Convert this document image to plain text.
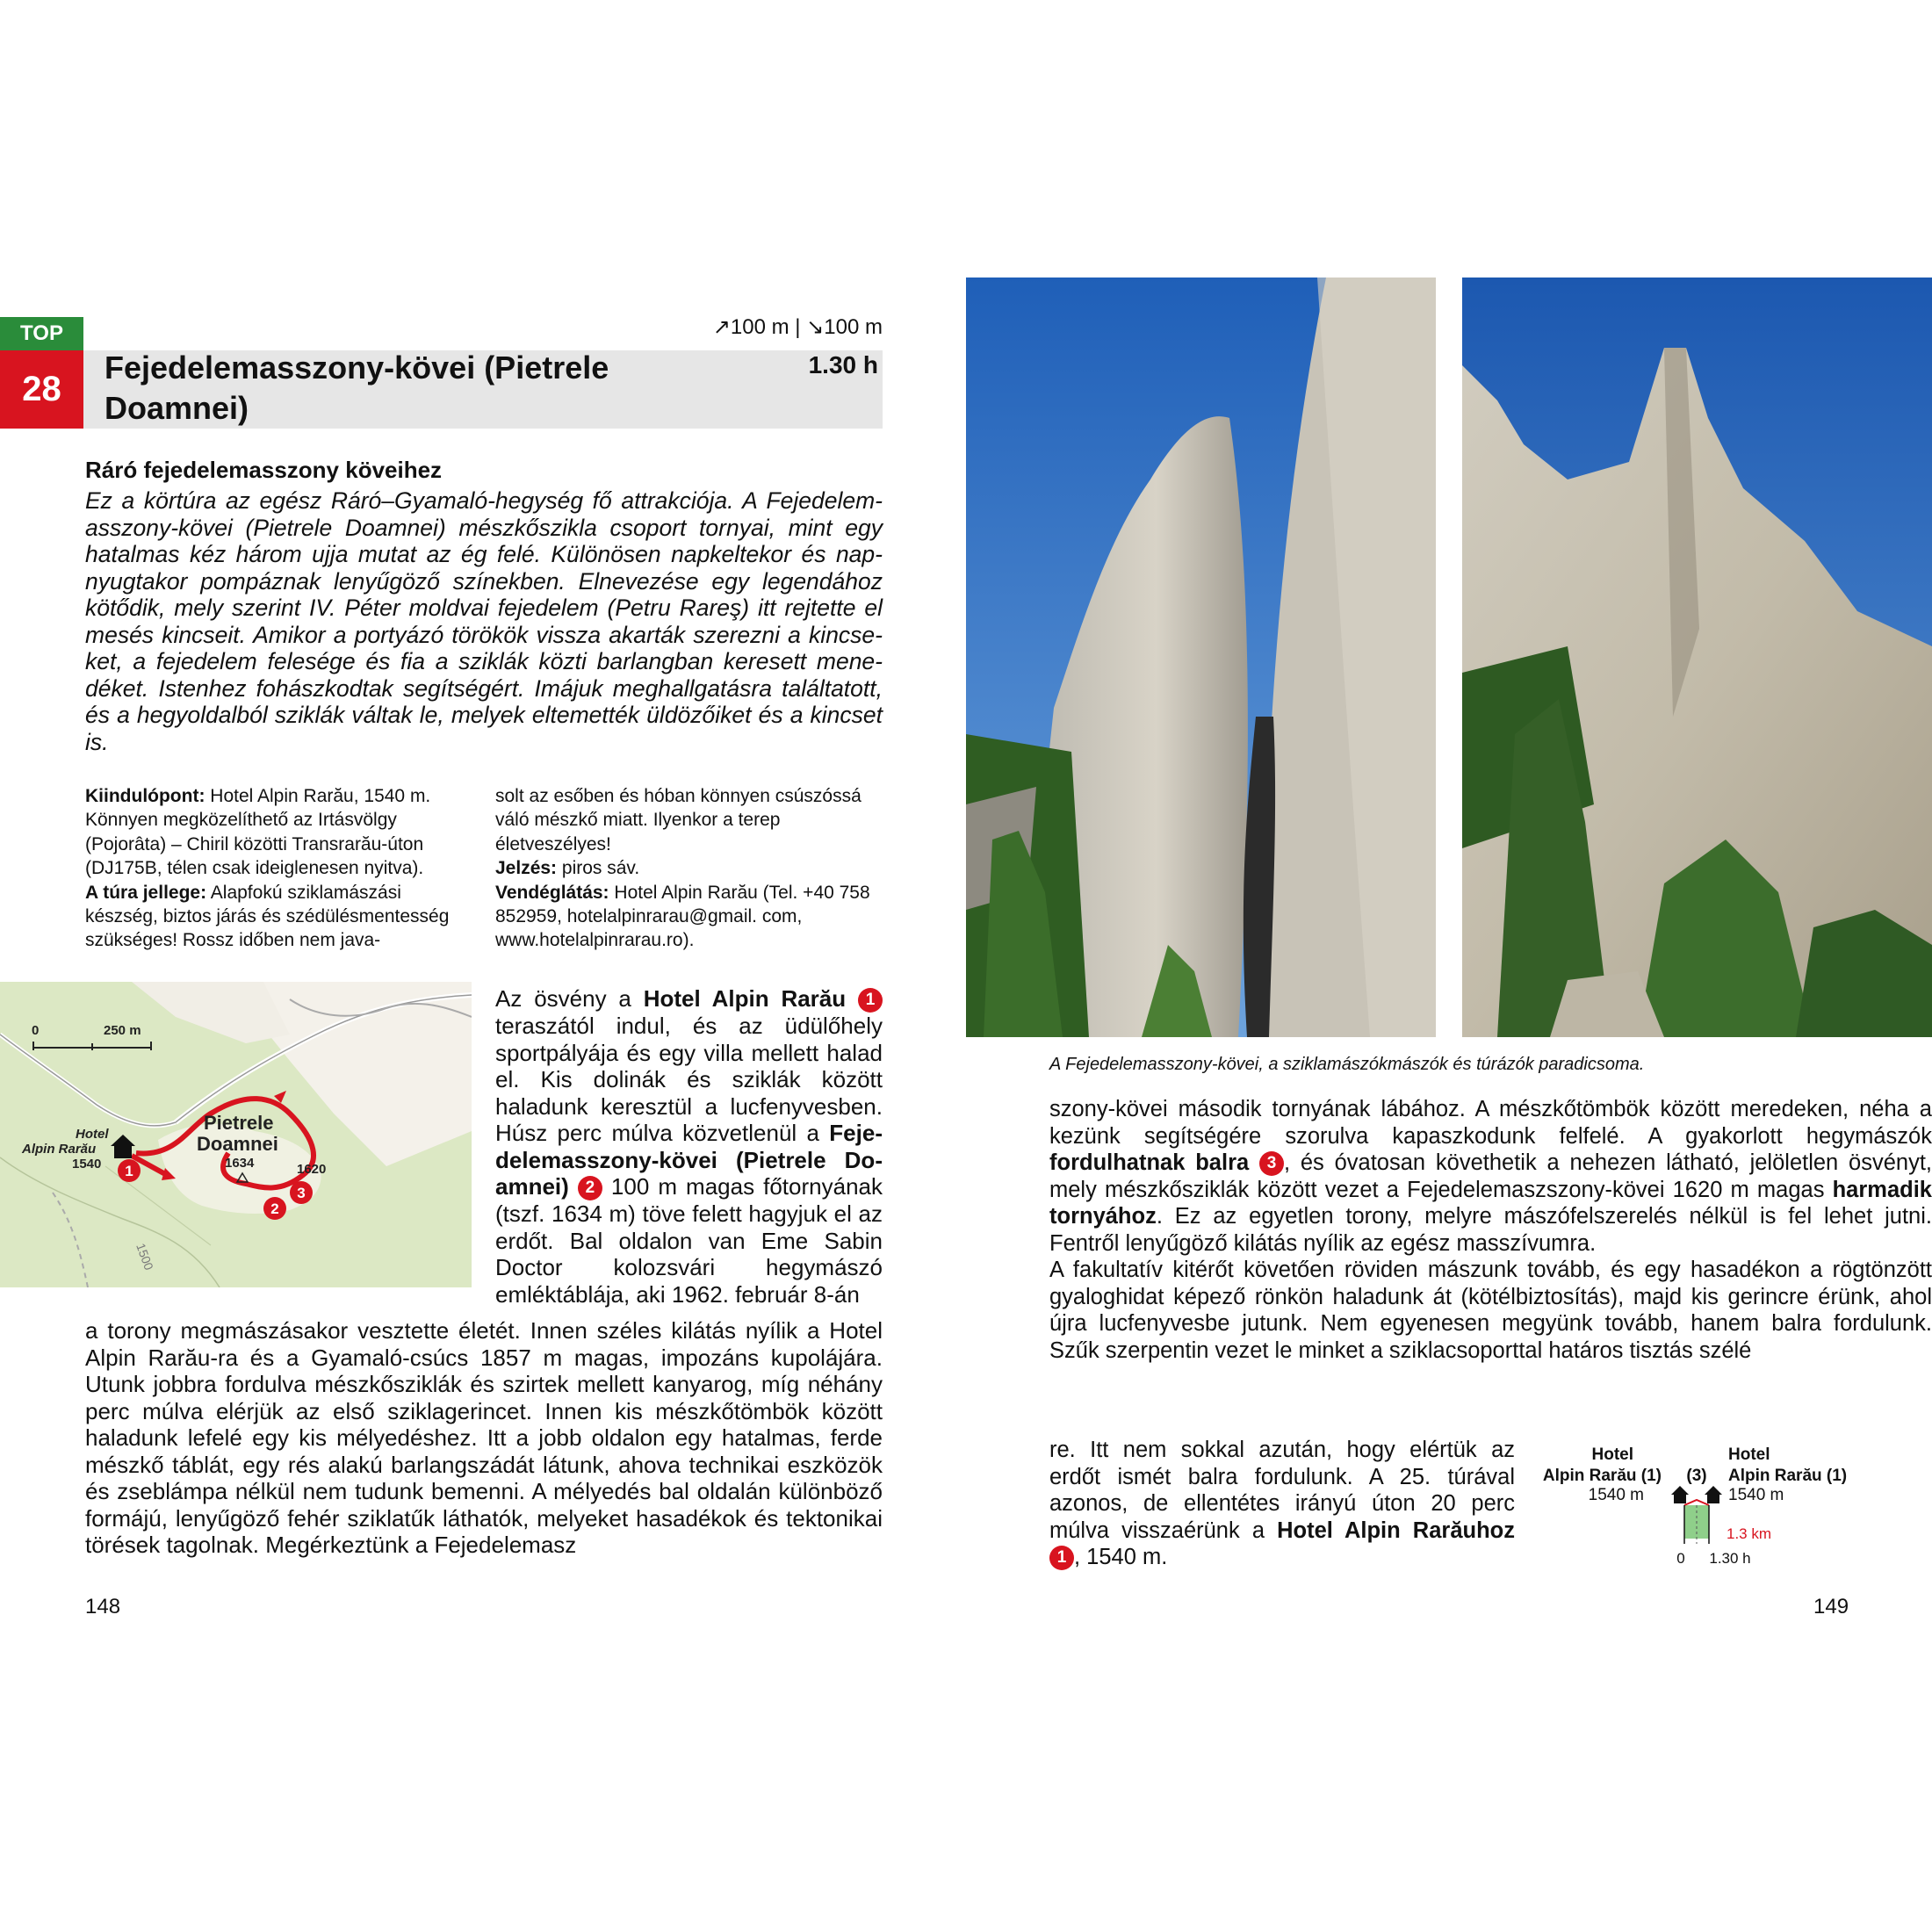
TOP
28
Fejedelemasszony-kövei (Pietrele Doamnei)
1.30 h
↗100 m | ↘100 m
Ráró fejedelemasszony köveihez
Ez a körtúra az egész Ráró–Gyamaló-hegység fő attrakciója. A Fejedelemasszony-kövei (Pietrele Doamnei) mészkőszikla csoport tornyai, mint egy hatalmas kéz három ujja mutat az ég felé. Különösen napkeltekor és napnyugtakor pompáznak lenyűgöző színekben. Elnevezése egy legendához kötődik, mely szerint IV. Péter moldvai fejedelem (Petru Rareş) itt rejtette el mesés kincseit. Amikor a portyázó törökök vissza akarták szerezni a kincseket, a fejedelem felesége és fia a sziklák közti barlangban keresett menedéket. Istenhez fohászkodtak segítségért. Imájuk meghallgatásra találtatott, és a hegyoldalból sziklák váltak le, melyek eltemették üldözőiket és a kincset is.
Kiindulópont: Hotel Alpin Rarău, 1540 m. Könnyen megközelíthető az Irtásvölgy (Pojorâta) – Chiril közötti Transrarău-úton (DJ175B, télen csak ideiglenesen nyitva).
A túra jellege: Alapfokú sziklamászási készség, biztos járás és szédülésmentesség szükséges! Rossz időben nem java-
solt az esőben és hóban könnyen csúszóssá váló mészkő miatt. Ilyenkor a terep életveszélyes!
Jelzés: piros sáv.
Vendéglátás: Hotel Alpin Rarău (Tel. +40 758 852959, hotelalpinrarau@gmail. com, www.hotelalpinrarau.ro).
1500
0	250 m
Hotel
Alpin Rarău
1540
Pietrele
Doamnei
1634	1620
1
2
3
Az ösvény a Hotel Alpin Rarău 1 teraszától indul, és az üdülőhely sportpályája és egy villa mellett halad el. Kis dolinák és sziklák között haladunk keresztül a lucfenyvesben. Húsz perc múlva közvetlenül a Fejedelemasszony-kövei (Pietrele Doamnei) 2 100 m magas főtornyának (tszf. 1634 m) töve felett hagyjuk el az erdőt. Bal oldalon van Eme Sabin Doctor kolozsvári hegymászó emléktáblája, aki 1962. február 8-án
a torony megmászásakor vesztette életét. Innen széles kilátás nyílik a Hotel Alpin Rarău-ra és a Gyamaló-csúcs 1857 m magas, impozáns kupolájára. Utunk jobbra fordulva mészkősziklák és szirtek mellett kanyarog, míg néhány perc múlva elérjük az első sziklagerincet. Innen kis mészkőtömbök között haladunk lefelé egy kis mélyedéshez. Itt a jobb oldalon egy hatalmas, ferde mészkő táblát, egy rés alakú barlangszádát látunk, ahova technikai eszközök és zseblámpa nélkül nem tudunk bemenni. A mélyedés bal oldalán különböző formájú, lenyűgöző fehér sziklatűk láthatók, melyeket hasadékok és tektonikai törések tagolnak. Megérkeztünk a Fejedelemasz
148
A Fejedelemasszony-kövei, a sziklamászókmászók és túrázók paradicsoma.
szony-kövei második tornyának lábához. A mészkőtömbök között meredeken, néha a kezünk segítségére szorulva kapaszkodunk felfelé. A gyakorlott hegymászók fordulhatnak balra 3 , és óvatosan követhetik a nehezen látható, jelöletlen ösvényt, mely mészkősziklák között vezet a Fejedelemaszszony-kövei 1620 m magas harmadik tornyához. Ez az egyetlen torony, melyre mászófelszerelés nélkül is fel lehet jutni. Fentről lenyűgöző kilátás nyílik az egész masszívumra.
A fakultatív kitérőt követően röviden mászunk tovább, és egy hasadékon a rögtönzött gyaloghidat képező rönkön haladunk át (kötélbiztosítás), majd kis gerincre érünk, ahol újra lucfenyvesbe jutunk. Nem egyenesen megyünk tovább, hanem balra fordulunk. Szűk szerpentin vezet le minket a sziklacsoporttal határos tisztás szélé
re. Itt nem sokkal azután, hogy elértük az erdőt ismét balra fordulunk. A 25. túrával azonos, de ellentétes irányú úton 20 perc múlva visszaérünk a Hotel Alpin Rarăuhoz 1 , 1540 m.
Hotel
Alpin Rarău (1)
1540 m
(3)
Hotel
Alpin Rarău (1)
1540 m
1.3 km
0 1.30 h
149
